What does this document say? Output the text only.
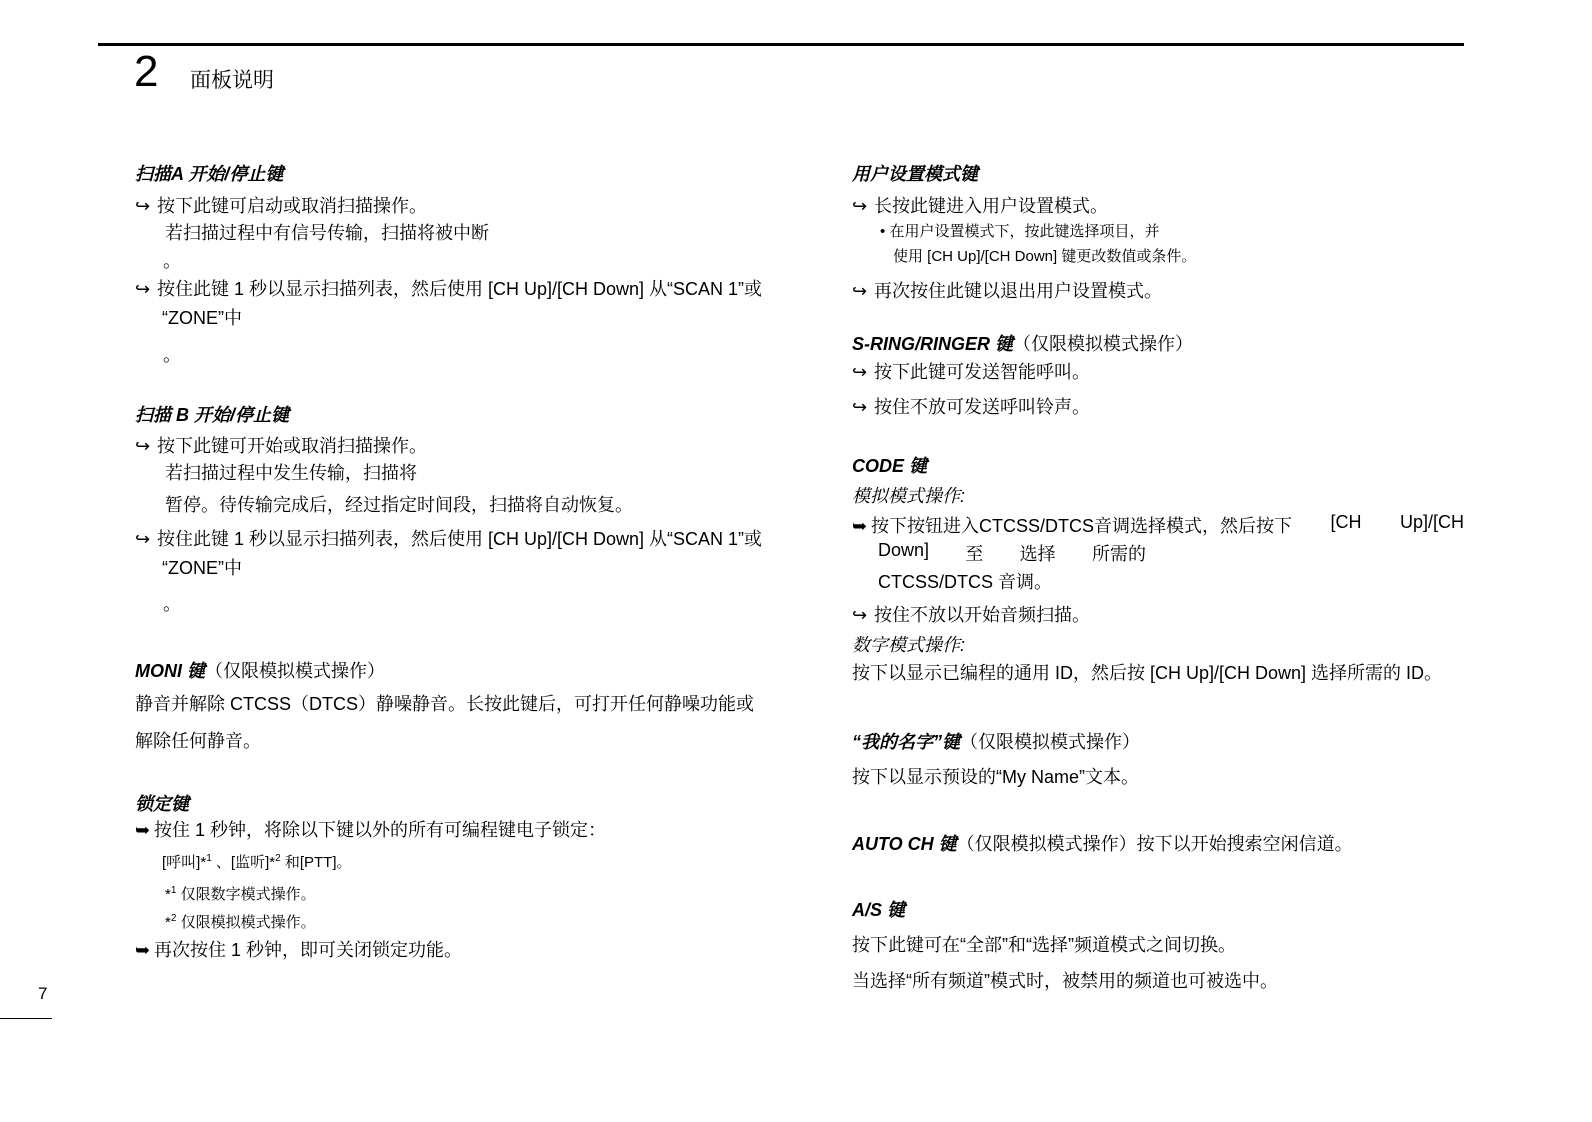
2 面板说明
扫描A 开始/停止键
↪ 按下此键可启动或取消扫描操作。
若扫描过程中有信号传输，扫描将被中断
。
↪ 按住此键 1 秒以显示扫描列表，然后使用 [CH Up]/[CH Down] 从“SCAN 1”或
“ZONE”中
。
扫描 B 开始/停止键
↪ 按下此键可开始或取消扫描操作。
若扫描过程中发生传输，扫描将
暂停。待传输完成后，经过指定时间段，扫描将自动恢复。
↪ 按住此键 1 秒以显示扫描列表，然后使用 [CH Up]/[CH Down] 从“SCAN 1”或
“ZONE”中
。
MONI 键（仅限模拟模式操作）
静音并解除 CTCSS（DTCS）静噪静音。长按此键后，可打开任何静噪功能或
解除任何静音。
锁定键
➥ 按住 1 秒钟，将除以下键以外的所有可编程键电子锁定：
[呼叫]*$^1$ 、[监听]*$^2$ 和[PTT]。
*$^1$ 仅限数字模式操作。
*$^2$ 仅限模拟模式操作。
➥ 再次按住 1 秒钟，即可关闭锁定功能。
用户设置模式键
↪ 长按此键进入用户设置模式。
• 在用户设置模式下，按此键选择项目，并
使用 [CH Up]/[CH Down] 键更改数值或条件。
↪ 再次按住此键以退出用户设置模式。
S-RING/RINGER 键（仅限模拟模式操作）
↪ 按下此键可发送智能呼叫。
↪ 按住不放可发送呼叫铃声。
CODE 键
模拟模式操作:
➥ 按下按钮进入CTCSS/DTCS音调选择模式，然后按下 [CH Up]/[CH
Down] 至 选择 所需的
CTCSS/DTCS 音调。
↪ 按住不放以开始音频扫描。
数字模式操作:
按下以显示已编程的通用 ID，然后按 [CH Up]/[CH Down] 选择所需的 ID。
“我的名字”键（仅限模拟模式操作）
按下以显示预设的“My Name”文本。
AUTO CH 键（仅限模拟模式操作）按下以开始搜索空闲信道。
A/S 键
按下此键可在“全部”和“选择”频道模式之间切换。
当选择“所有频道”模式时，被禁用的频道也可被选中。
7
